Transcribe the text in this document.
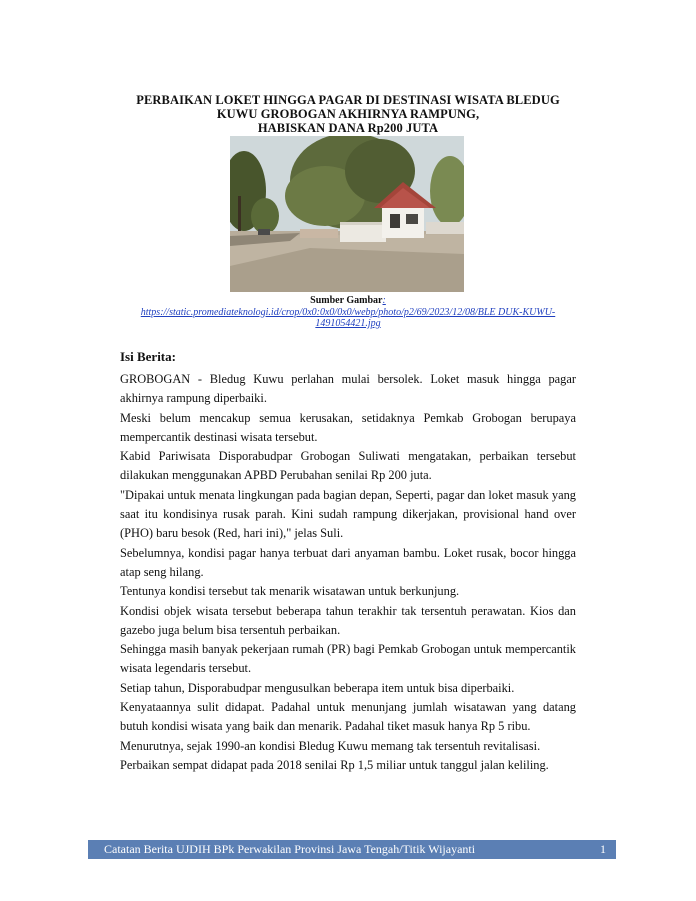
PERBAIKAN LOKET HINGGA PAGAR DI DESTINASI WISATA BLEDUG
KUWU GROBOGAN AKHIRNYA RAMPUNG,
HABISKAN DANA Rp200 JUTA
Sumber Gambar:
https://static.promediateknologi.id/crop/0x0:0x0/0x0/webp/photo/p2/69/2023/12/08/BLE DUK-KUWU-
1491054421.jpg
Isi Berita:

GROBOGAN - Bledug Kuwu perlahan mulai bersolek. Loket masuk hingga pagar akhirnya rampung diperbaiki.

Meski belum mencakup semua kerusakan, setidaknya Pemkab Grobogan berupaya mempercantik destinasi wisata tersebut.

Kabid Pariwisata Disporabudpar Grobogan Suliwati mengatakan, perbaikan tersebut dilakukan menggunakan APBD Perubahan senilai Rp 200 juta.

"Dipakai untuk menata lingkungan pada bagian depan, Seperti, pagar dan loket masuk yang saat itu kondisinya rusak parah. Kini sudah rampung dikerjakan, provisional hand over (PHO) baru besok (Red, hari ini)," jelas Suli.

Sebelumnya, kondisi pagar hanya terbuat dari anyaman bambu. Loket rusak, bocor hingga atap seng hilang.

Tentunya kondisi tersebut tak menarik wisatawan untuk berkunjung.

Kondisi objek wisata tersebut beberapa tahun terakhir tak tersentuh perawatan. Kios dan gazebo juga belum bisa tersentuh perbaikan.

Sehingga masih banyak pekerjaan rumah (PR) bagi Pemkab Grobogan untuk mempercantik wisata legendaris tersebut.

Setiap tahun, Disporabudpar mengusulkan beberapa item untuk bisa diperbaiki.

Kenyataannya sulit didapat. Padahal untuk menunjang jumlah wisatawan yang datang butuh kondisi wisata yang baik dan menarik. Padahal tiket masuk hanya Rp 5 ribu.

Menurutnya, sejak 1990-an kondisi Bledug Kuwu memang tak tersentuh revitalisasi.

Perbaikan sempat didapat pada 2018 senilai Rp 1,5 miliar untuk tanggul jalan keliling.

Catatan Berita UJDIH BPk Perwakilan Provinsi Jawa Tengah/Titik Wijayanti	1
